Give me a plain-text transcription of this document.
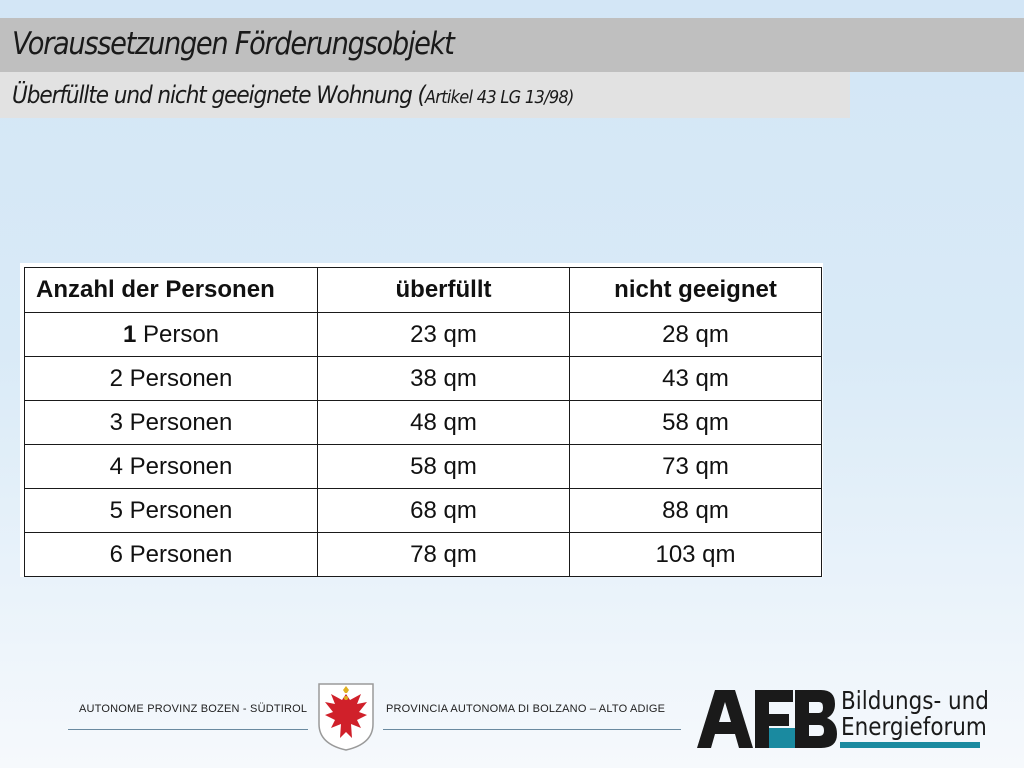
Voraussetzungen Förderungsobjekt
Überfüllte und nicht geeignete Wohnung (Artikel 43 LG 13/98)
Anzahl der Personen	überfüllt	nicht geeignet
1 Person	23 qm	28 qm
2 Personen	38 qm	43 qm
3 Personen	48 qm	58 qm
4 Personen	58 qm	73 qm
5 Personen	68 qm	88 qm
6 Personen	78 qm	103 qm
AUTONOME PROVINZ BOZEN - SÜDTIROL	PROVINCIA AUTONOMA DI BOLZANO – ALTO ADIGE	Bildungs- und
Energieforum
